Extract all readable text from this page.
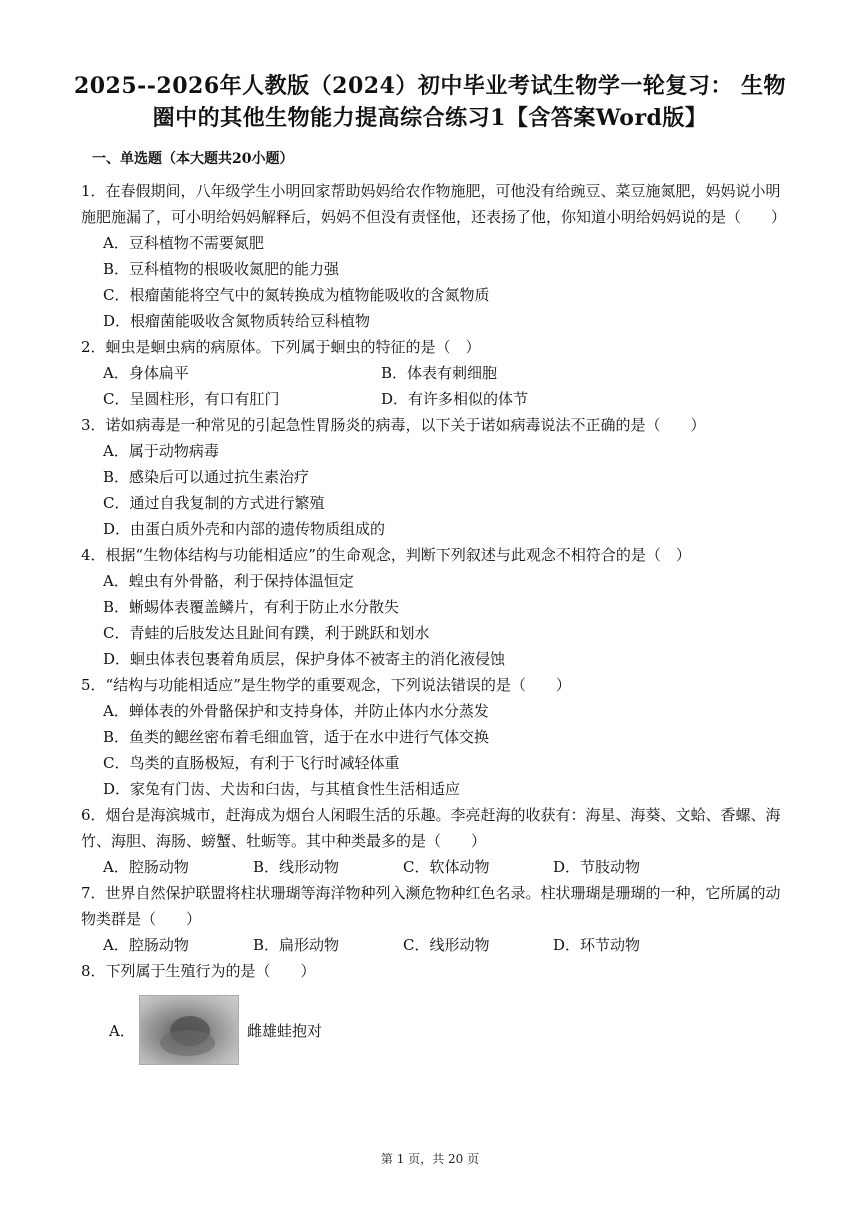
2025--2026年人教版（2024）初中毕业考试生物学一轮复习： 生物
圈中的其他生物能力提高综合练习1【含答案Word版】
一、单选题（本大题共20小题）
1．在春假期间，八年级学生小明回家帮助妈妈给农作物施肥，可他没有给豌豆、菜豆施氮肥，妈妈说小明施肥施漏了，可小明给妈妈解释后，妈妈不但没有责怪他，还表扬了他，你知道小明给妈妈说的是（　　）
A．豆科植物不需要氮肥
B．豆科植物的根吸收氮肥的能力强
C．根瘤菌能将空气中的氮转换成为植物能吸收的含氮物质
D．根瘤菌能吸收含氮物质转给豆科植物
2．蛔虫是蛔虫病的病原体。下列属于蛔虫的特征的是（　）
A．身体扁平	B．体表有刺细胞
C．呈圆柱形，有口有肛门	D．有许多相似的体节
3．诺如病毒是一种常见的引起急性胃肠炎的病毒，以下关于诺如病毒说法不正确的是（　　）
A．属于动物病毒
B．感染后可以通过抗生素治疗
C．通过自我复制的方式进行繁殖
D．由蛋白质外壳和内部的遗传物质组成的
4．根据“生物体结构与功能相适应”的生命观念，判断下列叙述与此观念不相符合的是（　）
A．蝗虫有外骨骼，利于保持体温恒定
B．蜥蜴体表覆盖鳞片，有利于防止水分散失
C．青蛙的后肢发达且趾间有蹼，利于跳跃和划水
D．蛔虫体表包裹着角质层，保护身体不被寄主的消化液侵蚀
5．“结构与功能相适应”是生物学的重要观念，下列说法错误的是（　　）
A．蝉体表的外骨骼保护和支持身体，并防止体内水分蒸发
B．鱼类的鳃丝密布着毛细血管，适于在水中进行气体交换
C．鸟类的直肠极短，有利于飞行时减轻体重
D．家兔有门齿、犬齿和臼齿，与其植食性生活相适应
6．烟台是海滨城市，赶海成为烟台人闲暇生活的乐趣。李亮赶海的收获有：海星、海葵、文蛤、香螺、海竹、海胆、海肠、螃蟹、牡蛎等。其中种类最多的是（　　）
A．腔肠动物	B．线形动物	C．软体动物	D．节肢动物
7．世界自然保护联盟将柱状珊瑚等海洋物种列入濒危物种红色名录。柱状珊瑚是珊瑚的一种，它所属的动物类群是（　　）
A．腔肠动物	B．扁形动物	C．线形动物	D．环节动物
8．下列属于生殖行为的是（　　）
A．	雌雄蛙抱对
第 1 页，共 20 页
